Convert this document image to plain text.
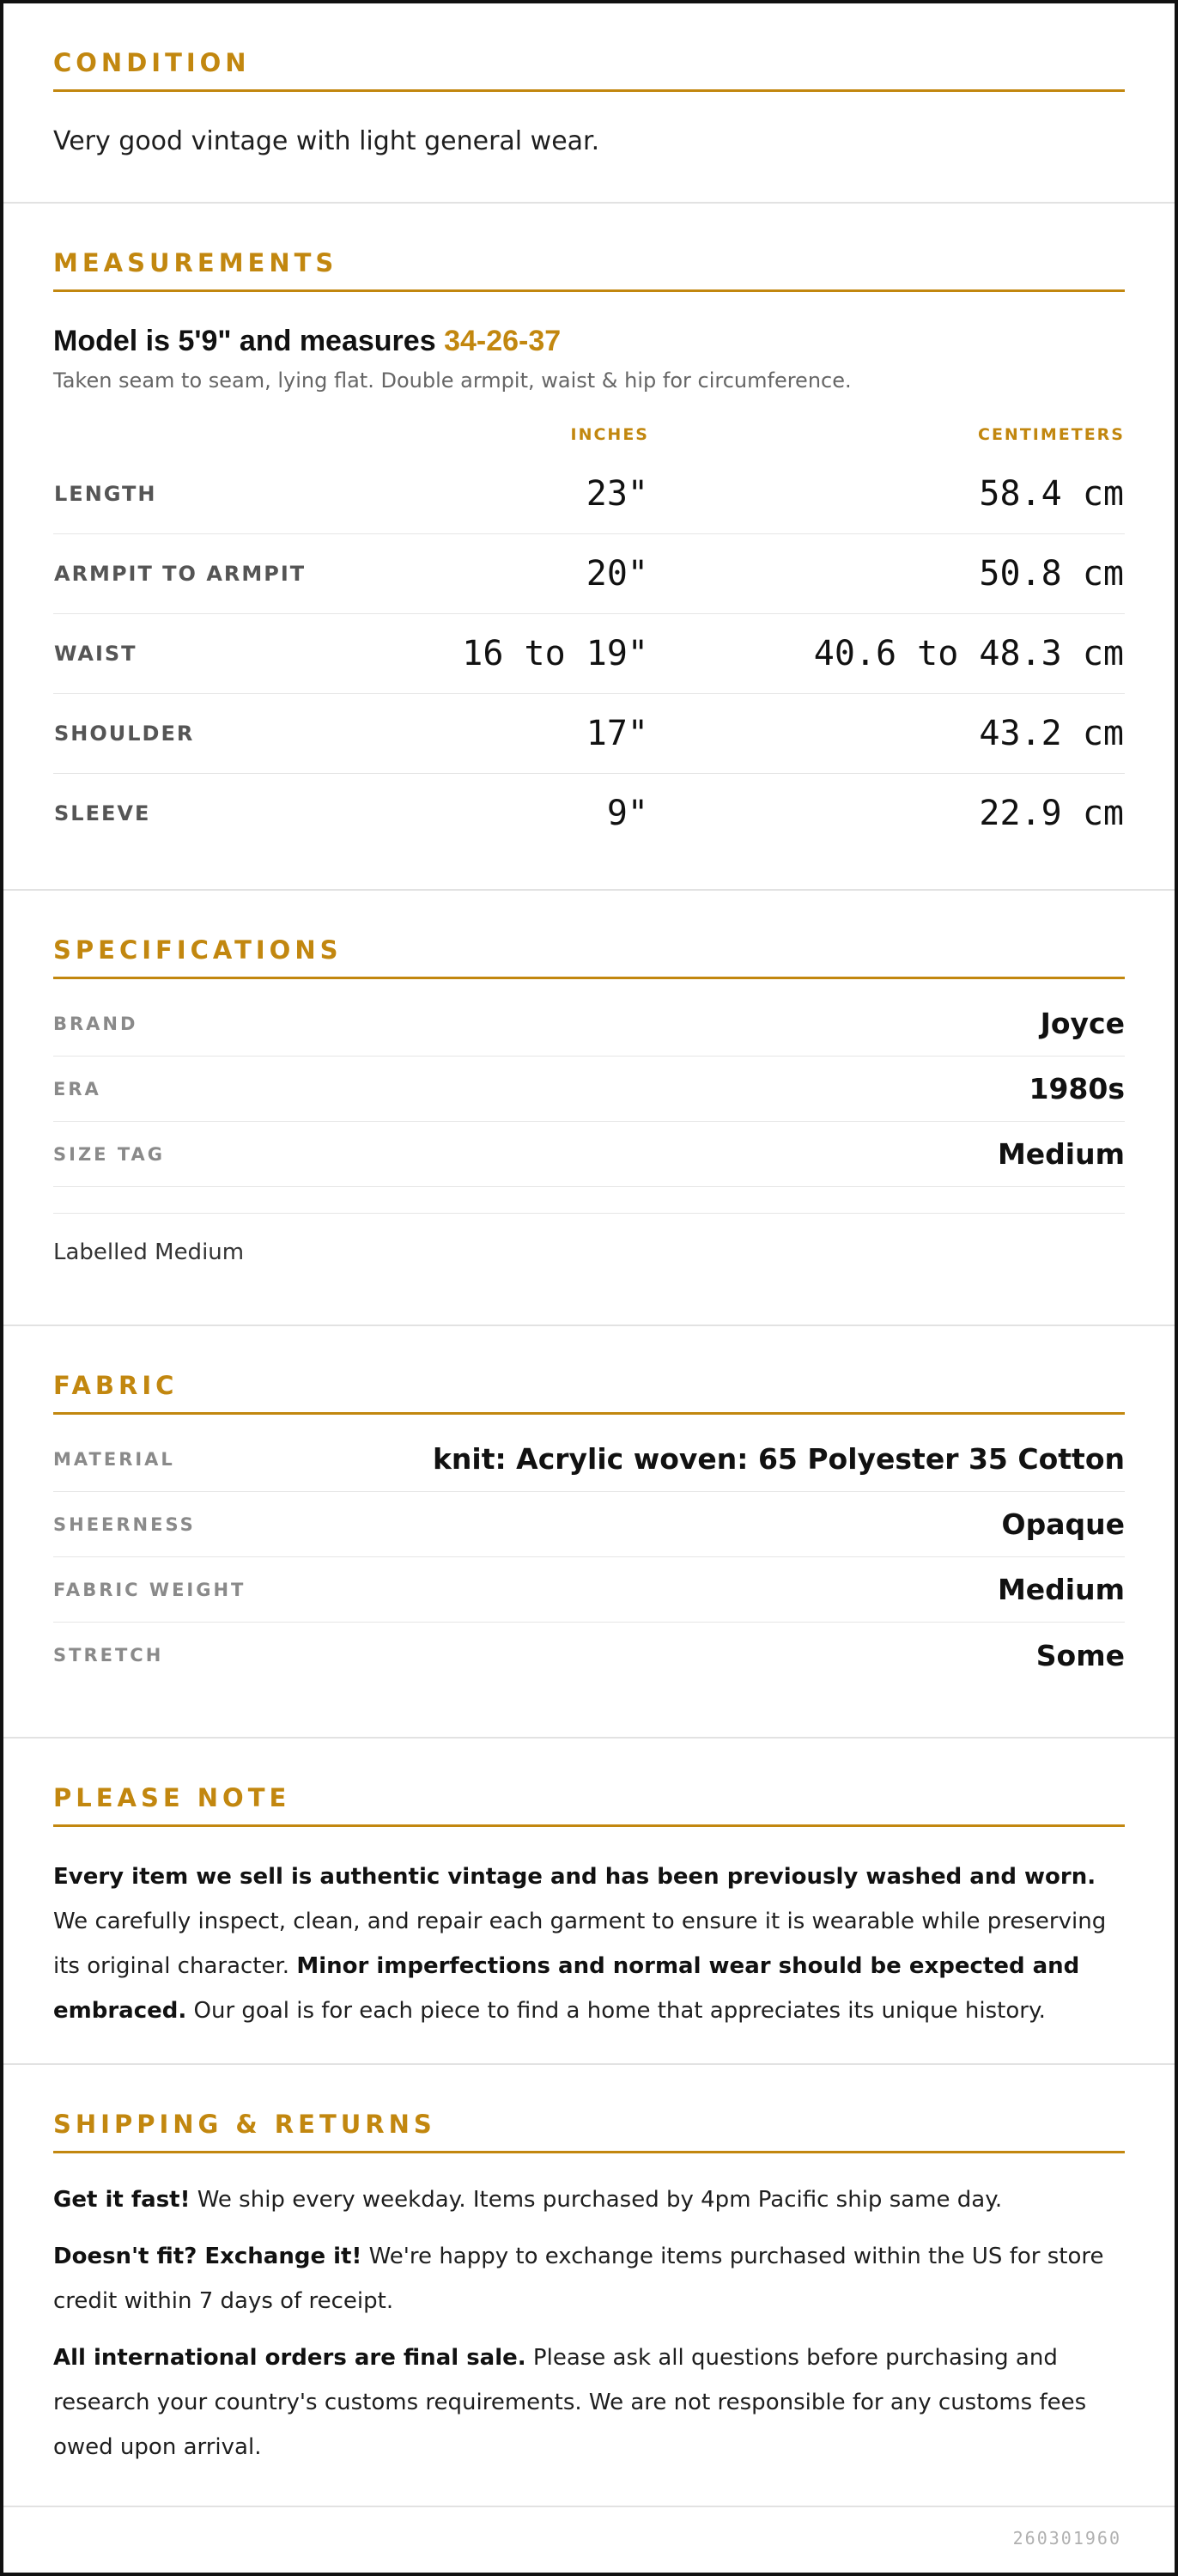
CONDITION
Very good vintage with light general wear.
MEASUREMENTS
Model is 5'9" and measures 34-26-37
Taken seam to seam, lying flat. Double armpit, waist & hip for circumference.
	INCHES	CENTIMETERS
LENGTH	23"	58.4 cm
ARMPIT TO ARMPIT	20"	50.8 cm
WAIST	16 to 19"	40.6 to 48.3 cm
SHOULDER	17"	43.2 cm
SLEEVE	9"	22.9 cm
SPECIFICATIONS
BRAND	Joyce
ERA	1980s
SIZE TAG	Medium
Labelled Medium
FABRIC
MATERIAL	knit: Acrylic woven: 65 Polyester 35 Cotton
SHEERNESS	Opaque
FABRIC WEIGHT	Medium
STRETCH	Some
PLEASE NOTE

Every item we sell is authentic vintage and has been previously washed and worn. We carefully inspect, clean, and repair each garment to ensure it is wearable while preserving its original character. Minor imperfections and normal wear should be expected and embraced. Our goal is for each piece to find a home that appreciates its unique history.

SHIPPING & RETURNS

Get it fast! We ship every weekday. Items purchased by 4pm Pacific ship same day.

Doesn't fit? Exchange it! We're happy to exchange items purchased within the US for store credit within 7 days of receipt.

All international orders are final sale. Please ask all questions before purchasing and research your country's customs requirements. We are not responsible for any customs fees owed upon arrival.

260301960
